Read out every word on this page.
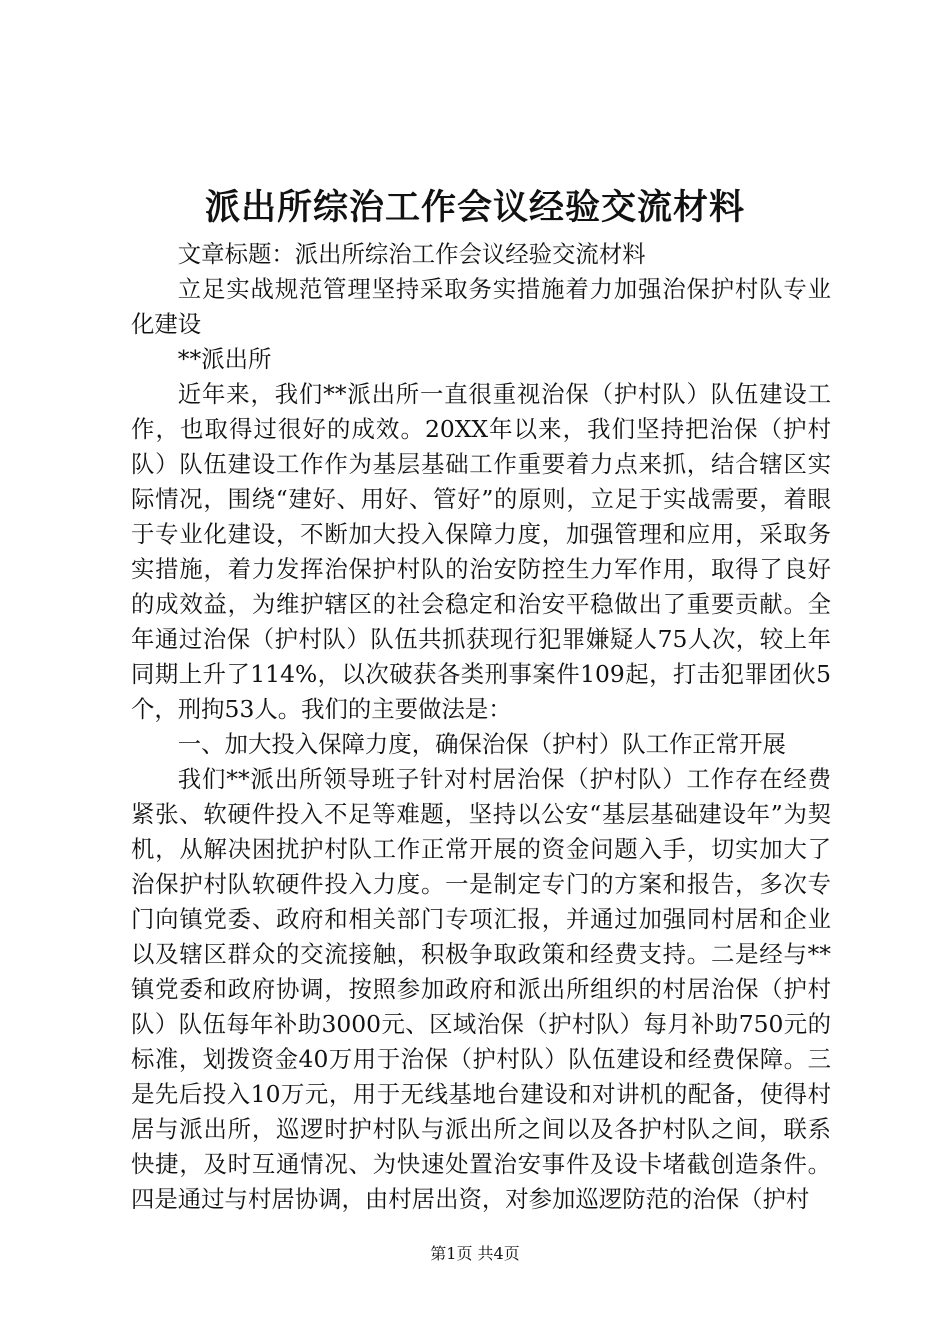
派出所综治工作会议经验交流材料

文章标题：派出所综治工作会议经验交流材料

立足实战规范管理坚持采取务实措施着力加强治保护村队专业化建设

**派出所

近年来，我们**派出所一直很重视治保（护村队）队伍建设工作，也取得过很好的成效。20XX年以来，我们坚持把治保（护村队）队伍建设工作作为基层基础工作重要着力点来抓，结合辖区实际情况，围绕“建好、用好、管好”的原则，立足于实战需要，着眼于专业化建设，不断加大投入保障力度，加强管理和应用，采取务实措施，着力发挥治保护村队的治安防控生力军作用，取得了良好的成效益，为维护辖区的社会稳定和治安平稳做出了重要贡献。全年通过治保（护村队）队伍共抓获现行犯罪嫌疑人75人次，较上年同期上升了114%，以次破获各类刑事案件109起，打击犯罪团伙5个，刑拘53人。我们的主要做法是：

一、加大投入保障力度，确保治保（护村）队工作正常开展

我们**派出所领导班子针对村居治保（护村队）工作存在经费紧张、软硬件投入不足等难题，坚持以公安“基层基础建设年”为契机，从解决困扰护村队工作正常开展的资金问题入手，切实加大了治保护村队软硬件投入力度。一是制定专门的方案和报告，多次专门向镇党委、政府和相关部门专项汇报，并通过加强同村居和企业以及辖区群众的交流接触，积极争取政策和经费支持。二是经与**镇党委和政府协调，按照参加政府和派出所组织的村居治保（护村队）队伍每年补助3000元、区域治保（护村队）每月补助750元的标准，划拨资金40万用于治保（护村队）队伍建设和经费保障。三是先后投入10万元，用于无线基地台建设和对讲机的配备，使得村居与派出所，巡逻时护村队与派出所之间以及各护村队之间，联系快捷，及时互通情况、为快速处置治安事件及设卡堵截创造条件。四是通过与村居协调，由村居出资，对参加巡逻防范的治保（护村

第1页 共4页
